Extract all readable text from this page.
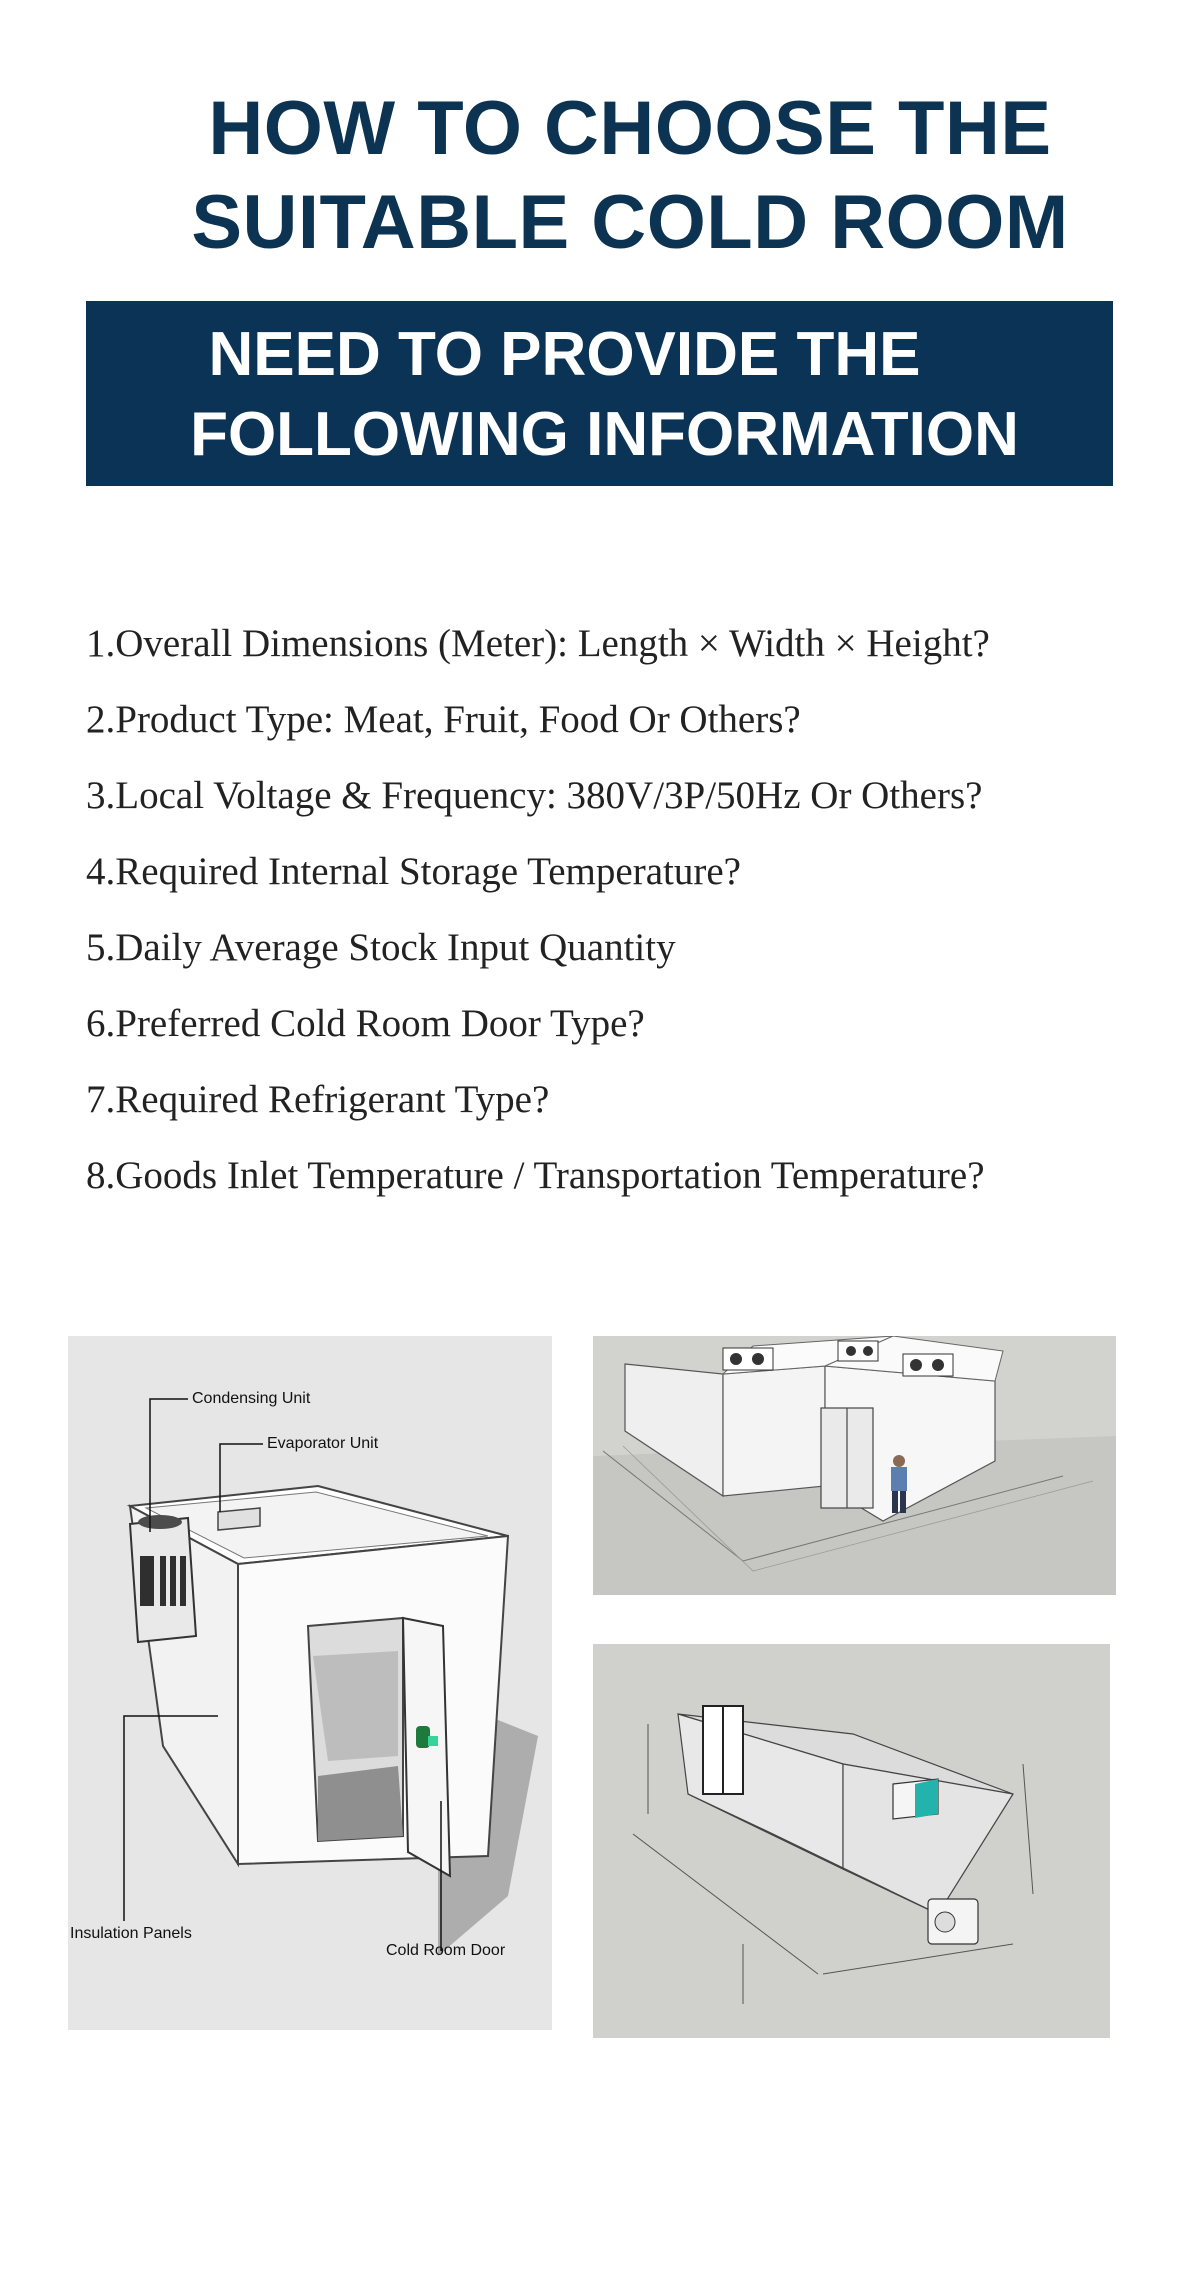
HOW TO CHOOSE THE
SUITABLE COLD ROOM
NEED TO PROVIDE THE
FOLLOWING INFORMATION
1.Overall Dimensions (Meter): Length × Width × Height?
2.Product Type: Meat, Fruit, Food Or Others?
3.Local Voltage & Frequency: 380V/3P/50Hz Or Others?
4.Required Internal Storage Temperature?
5.Daily Average Stock Input Quantity
6.Preferred Cold Room Door Type?
7.Required Refrigerant Type?
8.Goods Inlet Temperature / Transportation Temperature?
Condensing Unit
Evaporator Unit
Insulation Panels
Cold Room Door
